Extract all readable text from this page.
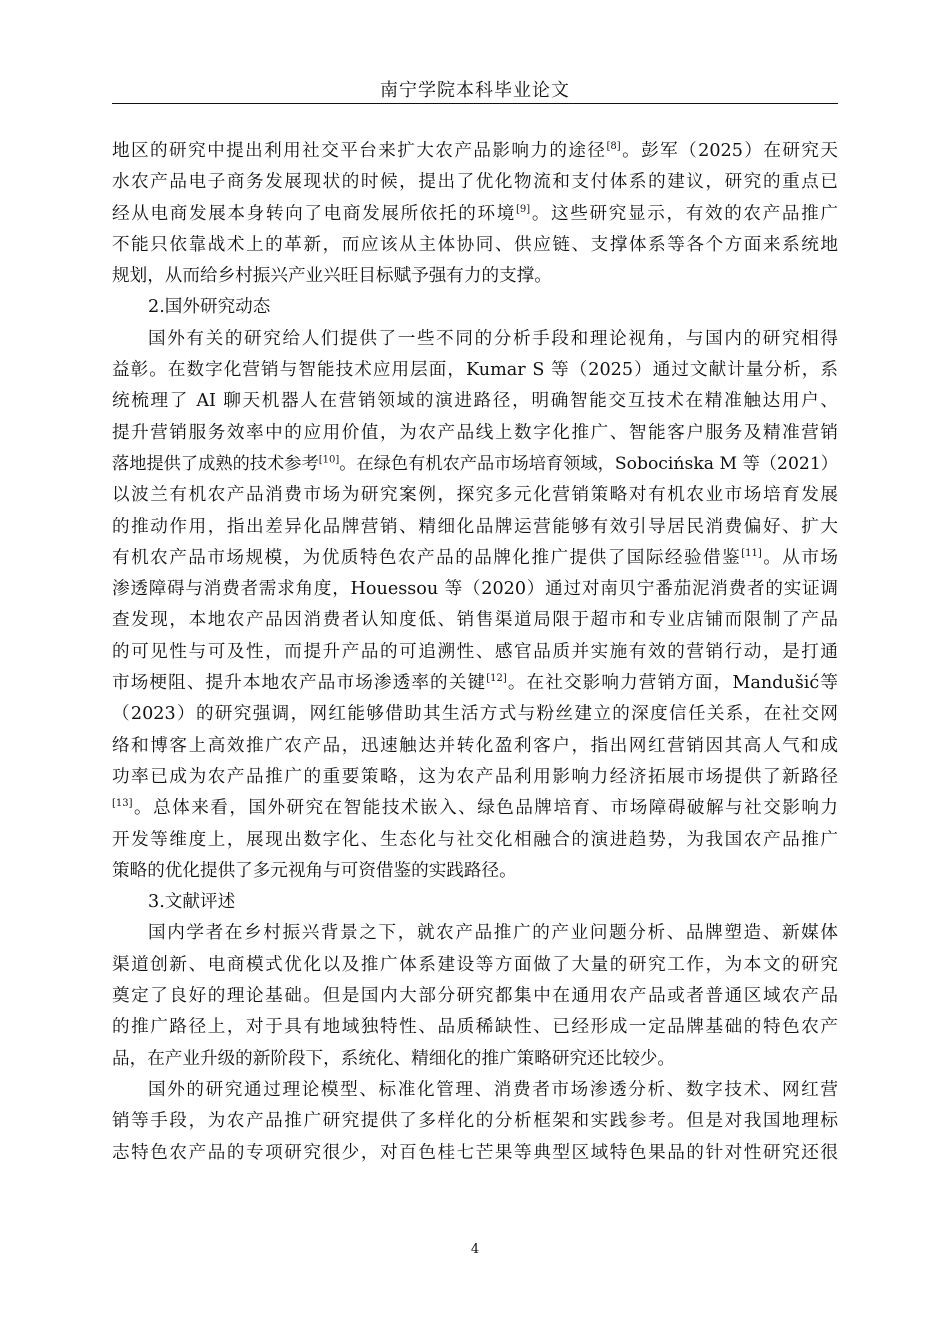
南宁学院本科毕业论文
地区的研究中提出利用社交平台来扩大农产品影响力的途径[8]。彭军（2025）在研究天
水农产品电子商务发展现状的时候，提出了优化物流和支付体系的建议，研究的重点已
经从电商发展本身转向了电商发展所依托的环境[9]。这些研究显示，有效的农产品推广
不能只依靠战术上的革新，而应该从主体协同、供应链、支撑体系等各个方面来系统地
规划，从而给乡村振兴产业兴旺目标赋予强有力的支撑。
2.国外研究动态
国外有关的研究给人们提供了一些不同的分析手段和理论视角，与国内的研究相得
益彰。在数字化营销与智能技术应用层面，Kumar S 等（2025）通过文献计量分析，系
统梳理了 AI 聊天机器人在营销领域的演进路径，明确智能交互技术在精准触达用户、
提升营销服务效率中的应用价值，为农产品线上数字化推广、智能客户服务及精准营销
落地提供了成熟的技术参考[10]。在绿色有机农产品市场培育领域，Sobocińska M 等（2021）
以波兰有机农产品消费市场为研究案例，探究多元化营销策略对有机农业市场培育发展
的推动作用，指出差异化品牌营销、精细化品牌运营能够有效引导居民消费偏好、扩大
有机农产品市场规模，为优质特色农产品的品牌化推广提供了国际经验借鉴[11]。从市场
渗透障碍与消费者需求角度，Houessou 等（2020）通过对南贝宁番茄泥消费者的实证调
查发现，本地农产品因消费者认知度低、销售渠道局限于超市和专业店铺而限制了产品
的可见性与可及性，而提升产品的可追溯性、感官品质并实施有效的营销行动，是打通
市场梗阻、提升本地农产品市场渗透率的关键[12]。在社交影响力营销方面，Mandušić等
（2023）的研究强调，网红能够借助其生活方式与粉丝建立的深度信任关系，在社交网
络和博客上高效推广农产品，迅速触达并转化盈利客户，指出网红营销因其高人气和成
功率已成为农产品推广的重要策略，这为农产品利用影响力经济拓展市场提供了新路径
[13]。总体来看，国外研究在智能技术嵌入、绿色品牌培育、市场障碍破解与社交影响力
开发等维度上，展现出数字化、生态化与社交化相融合的演进趋势，为我国农产品推广
策略的优化提供了多元视角与可资借鉴的实践路径。
3.文献评述
国内学者在乡村振兴背景之下，就农产品推广的产业问题分析、品牌塑造、新媒体
渠道创新、电商模式优化以及推广体系建设等方面做了大量的研究工作，为本文的研究
奠定了良好的理论基础。但是国内大部分研究都集中在通用农产品或者普通区域农产品
的推广路径上，对于具有地域独特性、品质稀缺性、已经形成一定品牌基础的特色农产
品，在产业升级的新阶段下，系统化、精细化的推广策略研究还比较少。
国外的研究通过理论模型、标准化管理、消费者市场渗透分析、数字技术、网红营
销等手段，为农产品推广研究提供了多样化的分析框架和实践参考。但是对我国地理标
志特色农产品的专项研究很少，对百色桂七芒果等典型区域特色果品的针对性研究还很
4
